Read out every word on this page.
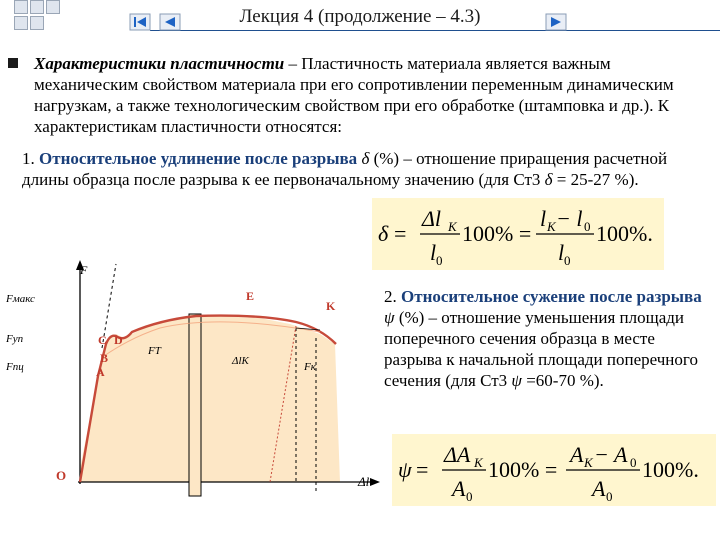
Лекция 4 (продолжение – 4.3)
Характеристики пластичности – Пластичность материала является важным механическим свойством материала при его сопротивлении переменным динамическим нагрузкам, а также технологическим свойством при его обработке (штамповка и др.). К характеристикам пластичности относятся:
1. Относительное удлинение после разрыва δ (%) – отношение приращения расчетной длины образца после разрыва к ее первоначальному значению (для Ст3 δ = 25-27 %).
δ =
Δl K
l 0
100% =
l K − l 0
l 0
100%.
F
Δl
O
Fмакс
Fуп
Fпц	A
B
C D
E
K
FТ
ΔlK	Fк
2. Относительное сужение после разрыва ψ (%) – отношение уменьшения площади поперечного сечения образца в месте разрыва к начальной площади поперечного сечения (для Ст3 ψ =60-70 %).
ψ =
ΔA K
A 0
100% =
A K − A 0
A 0
100%.
